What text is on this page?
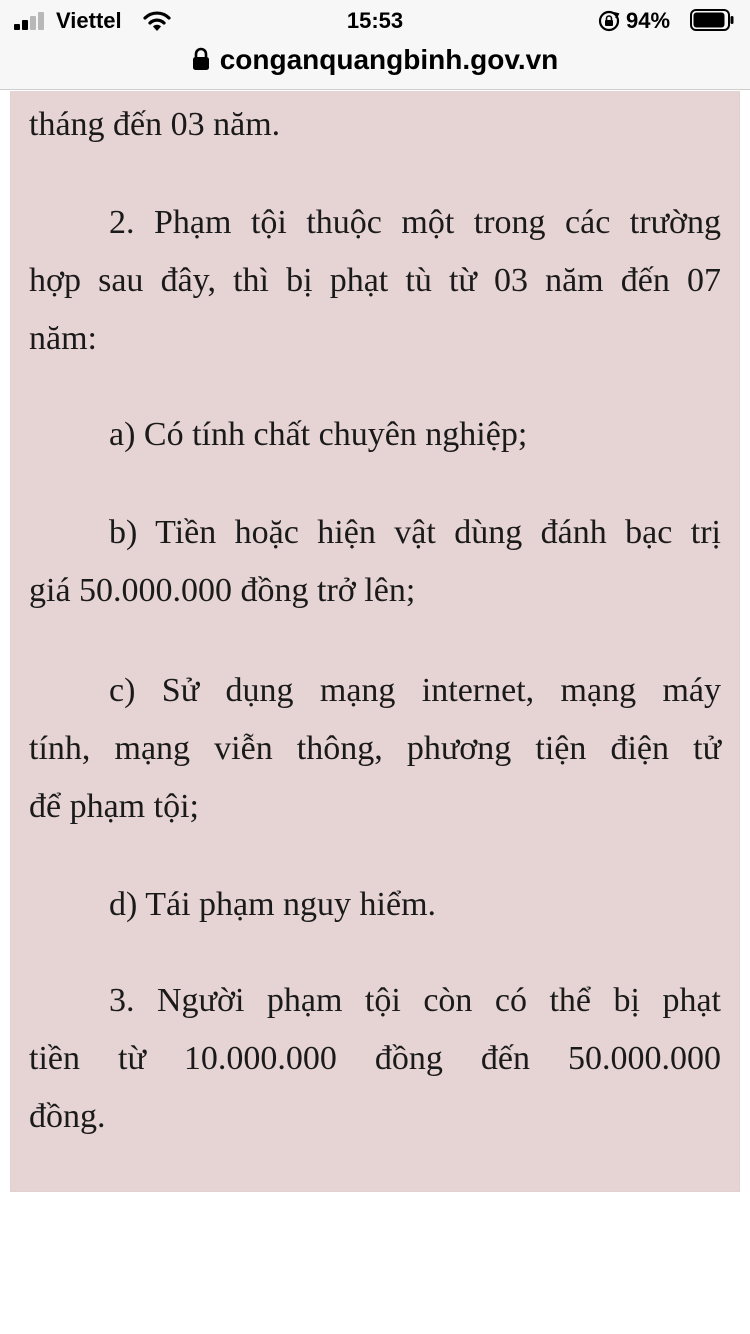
Viettel	15:53	94%
conganquangbinh.gov.vn
tháng đến 03 năm.
2. Phạm tội thuộc một trong các trường
hợp sau đây, thì bị phạt tù từ 03 năm đến 07
năm:
a) Có tính chất chuyên nghiệp;
b) Tiền hoặc hiện vật dùng đánh bạc trị
giá 50.000.000 đồng trở lên;
c) Sử dụng mạng internet, mạng máy
tính, mạng viễn thông, phương tiện điện tử
để phạm tội;
d) Tái phạm nguy hiểm.
3. Người phạm tội còn có thể bị phạt
tiền từ 10.000.000 đồng đến 50.000.000
đồng.
